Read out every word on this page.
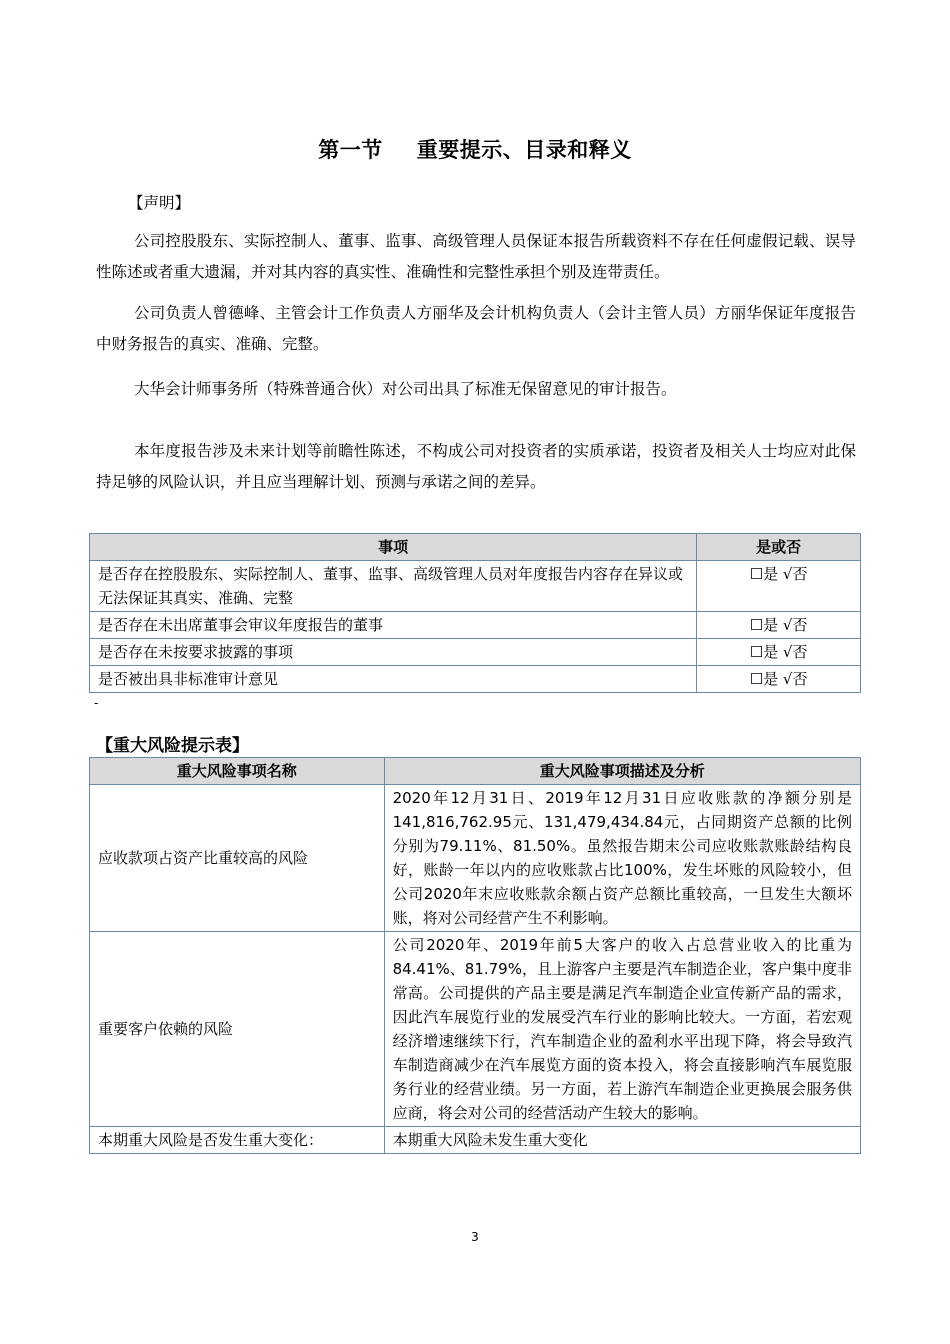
第一节 重要提示、目录和释义
【声明】
公司控股股东、实际控制人、董事、监事、高级管理人员保证本报告所载资料不存在任何虚假记载、误导性陈述或者重大遗漏，并对其内容的真实性、准确性和完整性承担个别及连带责任。
公司负责人曾德峰、主管会计工作负责人方丽华及会计机构负责人（会计主管人员）方丽华保证年度报告中财务报告的真实、准确、完整。
大华会计师事务所（特殊普通合伙）对公司出具了标准无保留意见的审计报告。
本年度报告涉及未来计划等前瞻性陈述，不构成公司对投资者的实质承诺，投资者及相关人士均应对此保持足够的风险认识，并且应当理解计划、预测与承诺之间的差异。
事项	是或否
是否存在控股股东、实际控制人、董事、监事、高级管理人员对年度报告内容存在异议或无法保证其真实、准确、完整	☐是 √否
是否存在未出席董事会审议年度报告的董事	☐是 √否
是否存在未按要求披露的事项	☐是 √否
是否被出具非标准审计意见	☐是 √否
-
【重大风险提示表】
重大风险事项名称	重大风险事项描述及分析
应收款项占资产比重较高的风险	2020年12月31日、2019年12月31日应收账款的净额分别是141,816,762.95元、131,479,434.84元，占同期资产总额的比例分别为79.11%、81.50%。虽然报告期末公司应收账款账龄结构良好，账龄一年以内的应收账款占比100%，发生坏账的风险较小，但公司2020年末应收账款余额占资产总额比重较高，一旦发生大额坏账，将对公司经营产生不利影响。
重要客户依赖的风险	公司2020年、2019年前5大客户的收入占总营业收入的比重为84.41%、81.79%，且上游客户主要是汽车制造企业，客户集中度非常高。公司提供的产品主要是满足汽车制造企业宣传新产品的需求，因此汽车展览行业的发展受汽车行业的影响比较大。一方面，若宏观经济增速继续下行，汽车制造企业的盈利水平出现下降，将会导致汽车制造商减少在汽车展览方面的资本投入，将会直接影响汽车展览服务行业的经营业绩。另一方面，若上游汽车制造企业更换展会服务供应商，将会对公司的经营活动产生较大的影响。
本期重大风险是否发生重大变化：	本期重大风险未发生重大变化
3
